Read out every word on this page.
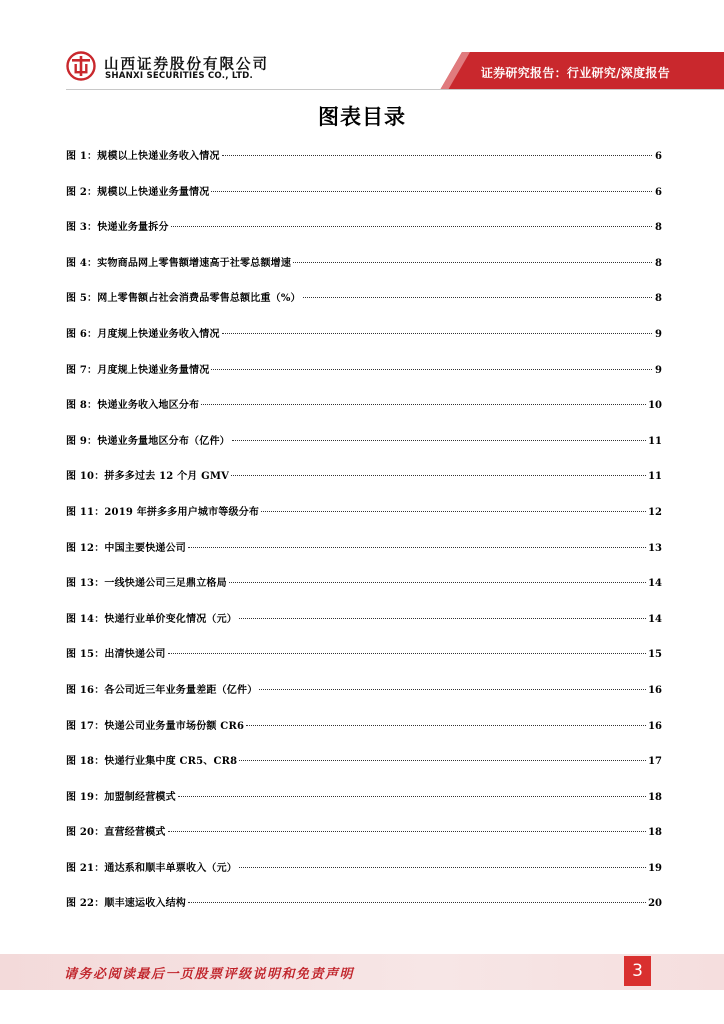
山西证券股份有限公司
SHANXI SECURITIES CO., LTD.	证券研究报告：行业研究/深度报告
图表目录
图 1：规模以上快递业务收入情况	6
图 2：规模以上快递业务量情况	6
图 3：快递业务量拆分	8
图 4：实物商品网上零售额增速高于社零总额增速	8
图 5：网上零售额占社会消费品零售总额比重（%）	8
图 6：月度规上快递业务收入情况	9
图 7：月度规上快递业务量情况	9
图 8：快递业务收入地区分布	10
图 9：快递业务量地区分布（亿件）	11
图 10：拼多多过去 12 个月 GMV	11
图 11：2019 年拼多多用户城市等级分布	12
图 12：中国主要快递公司	13
图 13：一线快递公司三足鼎立格局	14
图 14：快递行业单价变化情况（元）	14
图 15：出清快递公司	15
图 16：各公司近三年业务量差距（亿件）	16
图 17：快递公司业务量市场份额 CR6	16
图 18：快递行业集中度 CR5、CR8	17
图 19：加盟制经营模式	18
图 20：直营经营模式	18
图 21：通达系和顺丰单票收入（元）	19
图 22：顺丰速运收入结构	20
请务必阅读最后一页股票评级说明和免责声明	3
